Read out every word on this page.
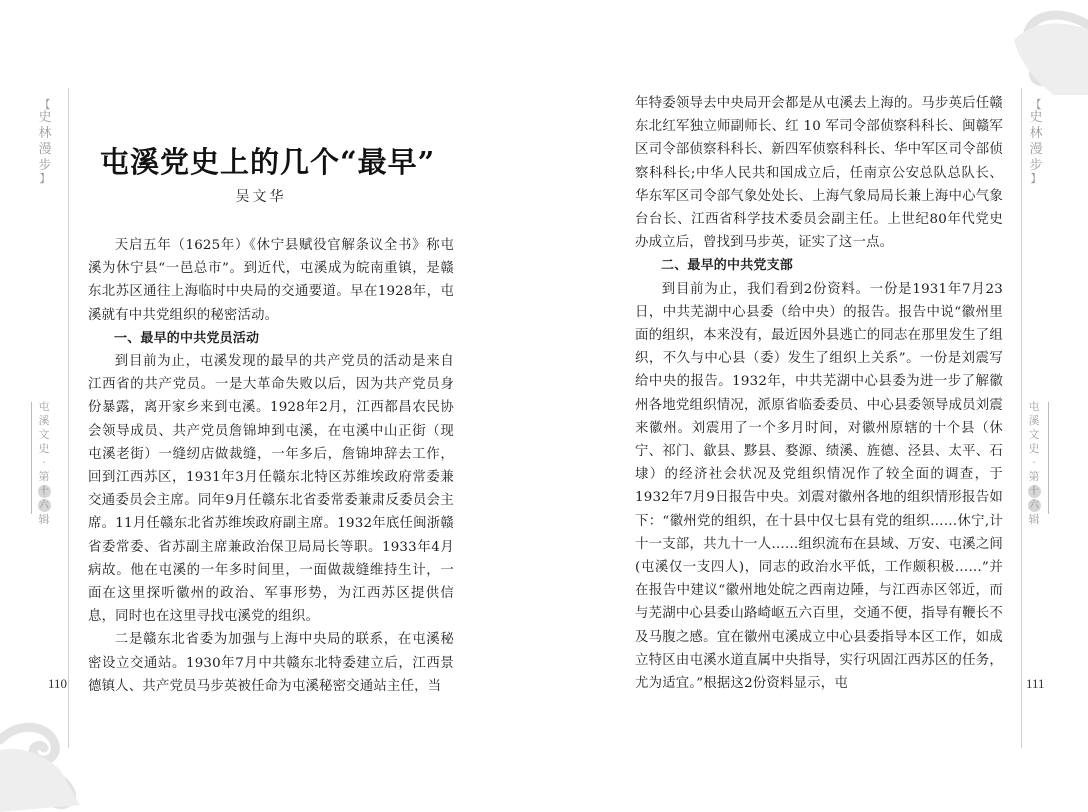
【
史
林
漫
步
】
屯
溪
文
史
·
第
十
六
辑
110
屯溪党史上的几个“最早”
吴文华

天启五年（1625年）《休宁县赋役官解条议全书》称屯溪为休宁县“一邑总市”。到近代，屯溪成为皖南重镇，是赣东北苏区通往上海临时中央局的交通要道。早在1928年，屯溪就有中共党组织的秘密活动。

一、最早的中共党员活动

到目前为止，屯溪发现的最早的共产党员的活动是来自江西省的共产党员。一是大革命失败以后，因为共产党员身份暴露，离开家乡来到屯溪。1928年2月，江西都昌农民协会领导成员、共产党员詹锦坤到屯溪，在屯溪中山正街（现屯溪老街）一缝纫店做裁缝，一年多后，詹锦坤辞去工作，回到江西苏区，1931年3月任赣东北特区苏维埃政府常委兼交通委员会主席。同年9月任赣东北省委常委兼肃反委员会主席。11月任赣东北省苏维埃政府副主席。1932年底任闽浙赣省委常委、省苏副主席兼政治保卫局局长等职。1933年4月病故。他在屯溪的一年多时间里，一面做裁缝维持生计，一面在这里探听徽州的政治、军事形势，为江西苏区提供信息，同时也在这里寻找屯溪党的组织。

二是赣东北省委为加强与上海中央局的联系，在屯溪秘密设立交通站。1930年7月中共赣东北特委建立后，江西景德镇人、共产党员马步英被任命为屯溪秘密交通站主任，当

【
史
林
漫
步
】
屯
溪
文
史
·
第
十
六
辑
111

年特委领导去中央局开会都是从屯溪去上海的。马步英后任赣东北红军独立师副师长、红 10 军司令部侦察科科长、闽赣军区司令部侦察科科长、新四军侦察科科长、华中军区司令部侦察科科长;中华人民共和国成立后，任南京公安总队总队长、华东军区司令部气象处处长、上海气象局局长兼上海中心气象台台长、江西省科学技术委员会副主任。上世纪80年代党史办成立后，曾找到马步英，证实了这一点。

二、最早的中共党支部

到目前为止，我们看到2份资料。一份是1931年7月23日，中共芜湖中心县委（给中央）的报告。报告中说“徽州里面的组织，本来没有，最近因外县逃亡的同志在那里发生了组织，不久与中心县（委）发生了组织上关系”。一份是刘震写给中央的报告。1932年，中共芜湖中心县委为进一步了解徽州各地党组织情况，派原省临委委员、中心县委领导成员刘震来徽州。刘震用了一个多月时间，对徽州原辖的十个县（休宁、祁门、歙县、黟县、婺源、绩溪、旌德、泾县、太平、石埭）的经济社会状况及党组织情况作了较全面的调查，于1932年7月9日报告中央。刘震对徽州各地的组织情形报告如下：“徽州党的组织，在十县中仅七县有党的组织……休宁,计十一支部，共九十一人……组织流布在县域、万安、屯溪之间(屯溪仅一支四人)，同志的政治水平低，工作颇积极……”并在报告中建议“徽州地处皖之西南边陲，与江西赤区邻近，而与芜湖中心县委山路崎岖五六百里，交通不便，指导有鞭长不及马腹之感。宜在徽州屯溪成立中心县委指导本区工作，如成立特区由屯溪水道直属中央指导，实行巩固江西苏区的任务，尤为适宜。”根据这2份资料显示，屯
